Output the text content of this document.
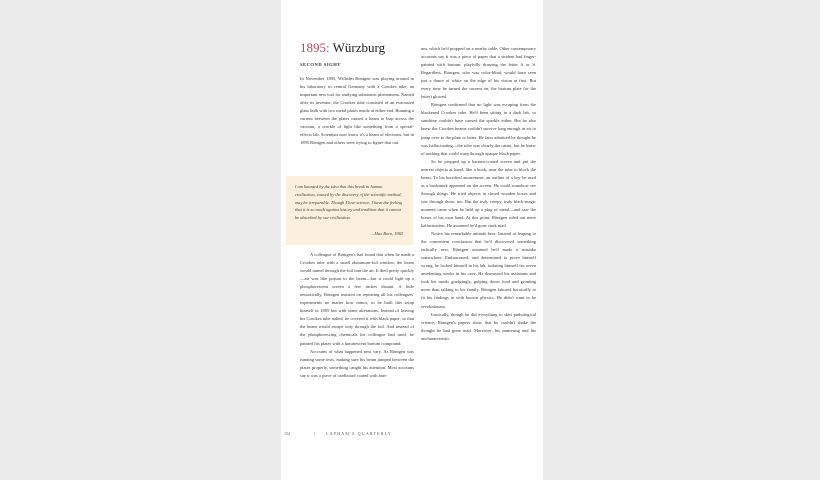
1895: Würzburg
SECOND SIGHT

In November 1895, Wilhelm Röntgen was playing around in his laboratory in central Germany with a Crookes tube, an important new tool for studying subatomic phenomena. Named after its inventor, the Crookes tube consisted of an evacuated glass bulb with two metal plates inside at either end. Running a current between the plates caused a beam to leap across the vacuum, a crackle of light like something from a special-effects lab. Scientists now know it's a beam of electrons, but in 1895 Röntgen and others were trying to figure that out.

I am haunted by the idea that this break in human civilization, caused by the discovery of the scientific method, may be irreparable. Though I love science, I have the feeling that it is so much against history and tradition that it cannot be absorbed by our civilization.
—Max Born, 1965

A colleague of Röntgen's had found that when he made a Crookes tube with a small aluminum-foil window, the beam would tunnel through the foil into the air. It died pretty quickly—air was like poison to the beam—but it could light up a phosphorescent screen a few inches distant. A little neurotically, Röntgen insisted on repeating all his colleagues' experiments no matter how minor, so he built this setup himself in 1895 but with some alterations. Instead of leaving his Crookes tube naked, he covered it with black paper, so that the beam would escape only through the foil. And instead of the phosphorescing chemicals his colleague had used, he painted his plates with a luminescent barium compound.

Accounts of what happened next vary. As Röntgen was running some tests, making sure his beam jumped between the plates properly, something caught his attention. Most accounts say it was a piece of cardboard coated with bari-

um, which he'd propped on a nearby table. Other contemporary accounts say it was a piece of paper that a student had finger-painted with barium, playfully drawing the letter A or S. Regardless, Röntgen, who was color-blind, would have seen just a dance of white on the edge of his vision at first. But every time he turned the current on, the barium plate (or the letter) glowed.

Röntgen confirmed that no light was escaping from the blackened Crookes tube. He'd been sitting in a dark lab, so sunshine couldn't have caused the sparkle either. But he also knew the Crookes beams couldn't survive long enough in air to jump over to the plate or letter. He later admitted he thought he was hallucinating—the tube was clearly the cause, but he knew of nothing that could warp through opaque black paper.

So he propped up a barium-coated screen and put the nearest objects at hand, like a book, near the tube to block the beam. To his horrified amazement, an outline of a key he used as a bookmark appeared on the screen. He could somehow see through things. He tried objects in closed wooden boxes and saw through those, too. But the truly creepy, truly black-magic moment came when he held up a plug of metal—and saw the bones of his own hand. At this point, Röntgen ruled out mere hallucination. He assumed he'd gone stark mad.

Notice his remarkable attitude here. Instead of leaping to the convenient conclusion that he'd discovered something radically new, Röntgen assumed he'd made a mistake somewhere. Embarrassed, and determined to prove himself wrong, he locked himself in his lab, isolating himself for seven unrelenting weeks in his cave. He dismissed his assistants and took his meals grudgingly, gulping down food and grunting more than talking to his family. Röntgen labored heroically to fit his findings in with known physics. He didn't want to be revolutionary.

Ironically, though he did everything to skirt pathological science, Röntgen's papers show that he couldn't shake the thought he had gone mad. Moreover, his muttering and his uncharacteristic

154	|	LAPHAM'S QUARTERLY
